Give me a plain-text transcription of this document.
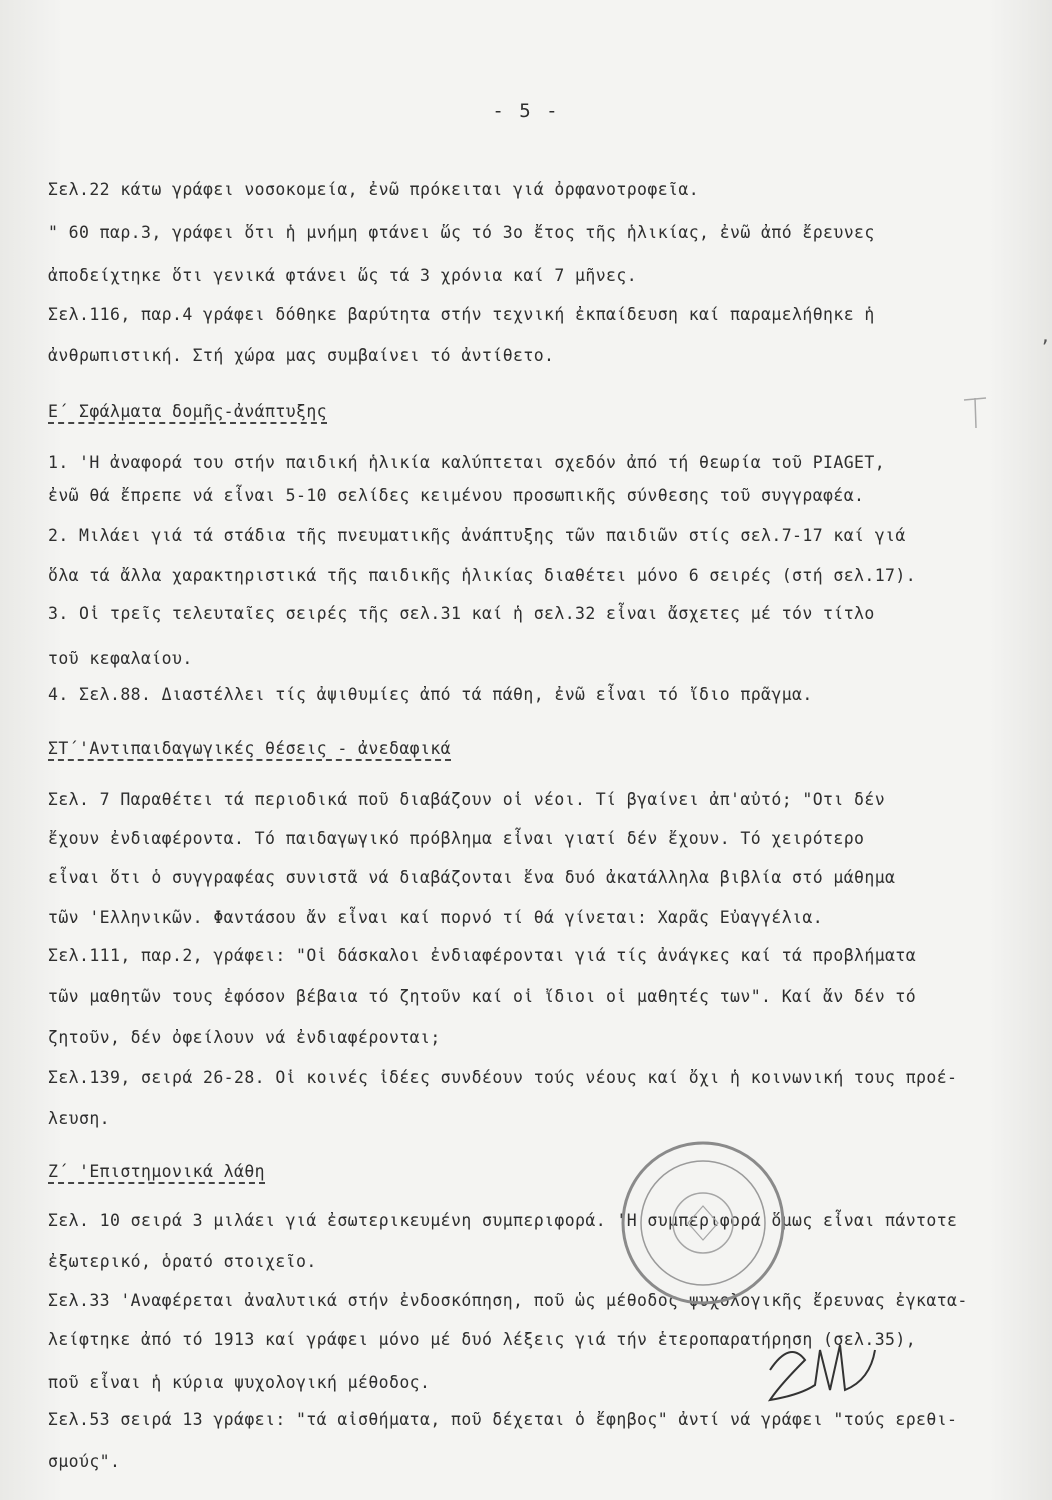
- 5 -
Σελ.22 κάτω γράφει νοσοκομεία, ἐνῶ πρόκειται γιά ὀρφανοτροφεῖα.
" 60 παρ.3, γράφει ὅτι ἡ μνήμη φτάνει ὥς τό 3ο ἔτος τῆς ἡλικίας, ἐνῶ ἀπό ἔρευνες
ἀποδείχτηκε ὅτι γενικά φτάνει ὥς τά 3 χρόνια καί 7 μῆνες.
Σελ.116, παρ.4 γράφει δόθηκε βαρύτητα στήν τεχνική ἐκπαίδευση καί παραμελήθηκε ἡ
ἀνθρωπιστική. Στή χώρα μας συμβαίνει τό ἀντίθετο.
Ε΄ Σφάλματα δομῆς-ἀνάπτυξης
1. 'Η ἀναφορά του στήν παιδική ἡλικία καλύπτεται σχεδόν ἀπό τή θεωρία τοῦ PIAGET,
ἐνῶ θά ἔπρεπε νά εἶναι 5-10 σελίδες κειμένου προσωπικῆς σύνθεσης τοῦ συγγραφέα.
2. Μιλάει γιά τά στάδια τῆς πνευματικῆς ἀνάπτυξης τῶν παιδιῶν στίς σελ.7-17 καί γιά
ὅλα τά ἄλλα χαρακτηριστικά τῆς παιδικῆς ἡλικίας διαθέτει μόνο 6 σειρές (στή σελ.17).
3. Οἱ τρεῖς τελευταῖες σειρές τῆς σελ.31 καί ἡ σελ.32 εἶναι ἄσχετες μέ τόν τίτλο
τοῦ κεφαλαίου.
4. Σελ.88. Διαστέλλει τίς ἀψιθυμίες ἀπό τά πάθη, ἐνῶ εἶναι τό ἴδιο πρᾶγμα.
ΣΤ΄'Αντιπαιδαγωγικές θέσεις - ἀνεδαφικά
Σελ. 7 Παραθέτει τά περιοδικά ποῦ διαβάζουν οἱ νέοι. Τί βγαίνει ἀπ'αὐτό; "Οτι δέν
ἔχουν ἐνδιαφέροντα. Τό παιδαγωγικό πρόβλημα εἶναι γιατί δέν ἔχουν. Τό χειρότερο
εἶναι ὅτι ὁ συγγραφέας συνιστᾶ νά διαβάζονται ἕνα δυό ἀκατάλληλα βιβλία στό μάθημα
τῶν 'Ελληνικῶν. Φαντάσου ἄν εἶναι καί πορνό τί θά γίνεται: Χαρᾶς Εὐαγγέλια.
Σελ.111, παρ.2, γράφει: "Οἱ δάσκαλοι ἐνδιαφέρονται γιά τίς ἀνάγκες καί τά προβλήματα
τῶν μαθητῶν τους ἐφόσον βέβαια τό ζητοῦν καί οἱ ἴδιοι οἱ μαθητές των". Καί ἄν δέν τό
ζητοῦν, δέν ὀφείλουν νά ἐνδιαφέρονται;
Σελ.139, σειρά 26-28. Οἱ κοινές ἰδέες συνδέουν τούς νέους καί ὄχι ἡ κοινωνική τους προέ-
λευση.
Ζ΄ 'Επιστημονικά λάθη
Σελ. 10 σειρά 3 μιλάει γιά ἐσωτερικευμένη συμπεριφορά. 'Η συμπεριφορά ὅμως εἶναι πάντοτε
ἐξωτερικό, ὁρατό στοιχεῖο.
Σελ.33 'Αναφέρεται ἀναλυτικά στήν ἐνδοσκόπηση, ποῦ ὡς μέθοδος ψυχολογικῆς ἔρευνας ἐγκατα-
λείφτηκε ἀπό τό 1913 καί γράφει μόνο μέ δυό λέξεις γιά τήν ἑτεροπαρατήρηση (σελ.35),
ποῦ εἶναι ἡ κύρια ψυχολογική μέθοδος.
Σελ.53 σειρά 13 γράφει: "τά αἰσθήματα, ποῦ δέχεται ὁ ἔφηβος" ἀντί νά γράφει "τούς ερεθι-
σμούς".
,
